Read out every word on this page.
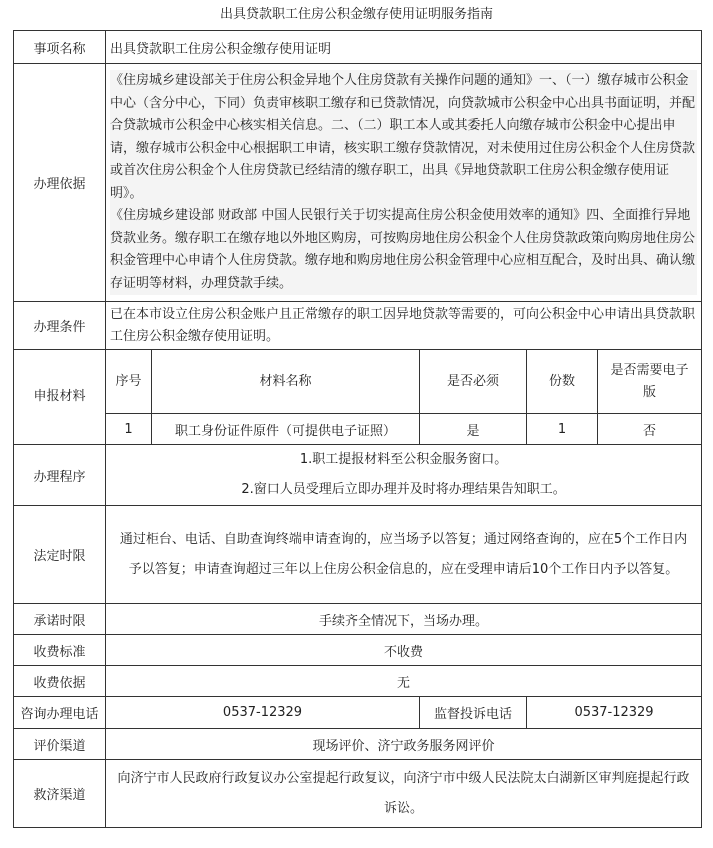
出具贷款职工住房公积金缴存使用证明服务指南
事项名称	出具贷款职工住房公积金缴存使用证明				
办理依据	《住房城乡建设部关于住房公积金异地个人住房贷款有关操作问题的通知》一、（一）缴存城市公积金中心（含分中心，下同）负责审核职工缴存和已贷款情况，向贷款城市公积金中心出具书面证明，并配合贷款城市公积金中心核实相关信息。二、（二）职工本人或其委托人向缴存城市公积金中心提出申请，缴存城市公积金中心根据职工申请，核实职工缴存贷款情况，对未使用过住房公积金个人住房贷款或首次住房公积金个人住房贷款已经结清的缴存职工，出具《异地贷款职工住房公积金缴存使用证明》。
《住房城乡建设部 财政部 中国人民银行关于切实提高住房公积金使用效率的通知》四、全面推行异地贷款业务。缴存职工在缴存地以外地区购房，可按购房地住房公积金个人住房贷款政策向购房地住房公积金管理中心申请个人住房贷款。缴存地和购房地住房公积金管理中心应相互配合，及时出具、确认缴存证明等材料，办理贷款手续。				

办理条件	已在本市设立住房公积金账户且正常缴存的职工因异地贷款等需要的，可向公积金中心申请出具贷款职工住房公积金缴存使用证明。				
申报材料	序号	材料名称	是否必须	份数	是否需要电子版
	1	职工身份证件原件（可提供电子证照）	是	1	否
办理程序	1.职工提报材料至公积金服务窗口。
2.窗口人员受理后立即办理并及时将办理结果告知职工。				

法定时限	通过柜台、电话、自助查询终端申请查询的，应当场予以答复；通过网络查询的，应在5个工作日内予以答复；申请查询超过三年以上住房公积金信息的，应在受理申请后10个工作日内予以答复。				
承诺时限	手续齐全情况下，当场办理。				
收费标准	不收费				
收费依据	无				
咨询办理电话	0537-12329		监督投诉电话	0537-12329	
评价渠道	现场评价、济宁政务服务网评价				
救济渠道	向济宁市人民政府行政复议办公室提起行政复议，向济宁市中级人民法院太白湖新区审判庭提起行政诉讼。				
